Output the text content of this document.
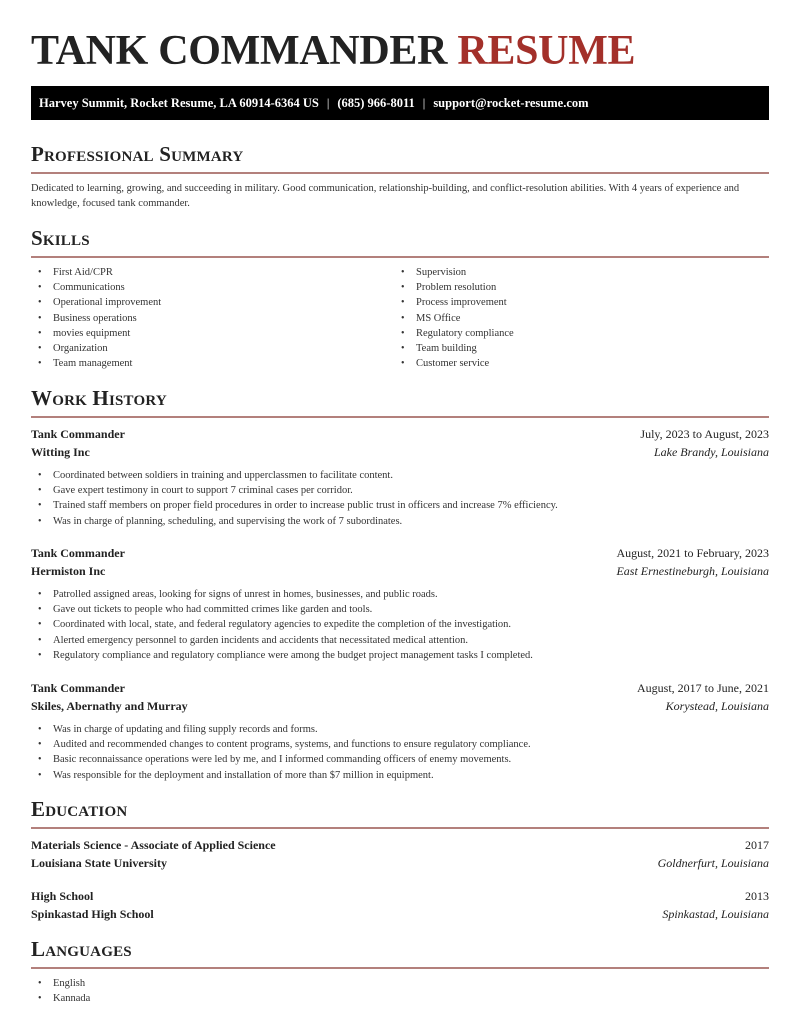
TANK COMMANDER RESUME
Harvey Summit, Rocket Resume, LA 60914-6364 US | (685) 966-8011 | support@rocket-resume.com
Professional Summary

Dedicated to learning, growing, and succeeding in military. Good communication, relationship-building, and conflict-resolution abilities. With 4 years of experience and knowledge, focused tank commander.

Skills
• First Aid/CPR
• Communications
• Operational improvement
• Business operations
• movies equipment
• Organization
• Team management
• Supervision
• Problem resolution
• Process improvement
• MS Office
• Regulatory compliance
• Team building
• Customer service
Work History
Tank Commander	July, 2023 to August, 2023
Witting Inc	Lake Brandy, Louisiana
• Coordinated between soldiers in training and upperclassmen to facilitate content.
• Gave expert testimony in court to support 7 criminal cases per corridor.
• Trained staff members on proper field procedures in order to increase public trust in officers and increase 7% efficiency.
• Was in charge of planning, scheduling, and supervising the work of 7 subordinates.
Tank Commander	August, 2021 to February, 2023
Hermiston Inc	East Ernestineburgh, Louisiana
• Patrolled assigned areas, looking for signs of unrest in homes, businesses, and public roads.
• Gave out tickets to people who had committed crimes like garden and tools.
• Coordinated with local, state, and federal regulatory agencies to expedite the completion of the investigation.
• Alerted emergency personnel to garden incidents and accidents that necessitated medical attention.
• Regulatory compliance and regulatory compliance were among the budget project management tasks I completed.
Tank Commander	August, 2017 to June, 2021
Skiles, Abernathy and Murray	Korystead, Louisiana
• Was in charge of updating and filing supply records and forms.
• Audited and recommended changes to content programs, systems, and functions to ensure regulatory compliance.
• Basic reconnaissance operations were led by me, and I informed commanding officers of enemy movements.
• Was responsible for the deployment and installation of more than $7 million in equipment.
Education
Materials Science - Associate of Applied Science	2017
Louisiana State University	Goldnerfurt, Louisiana
High School	2013
Spinkastad High School	Spinkastad, Louisiana
Languages
• English
• Kannada
